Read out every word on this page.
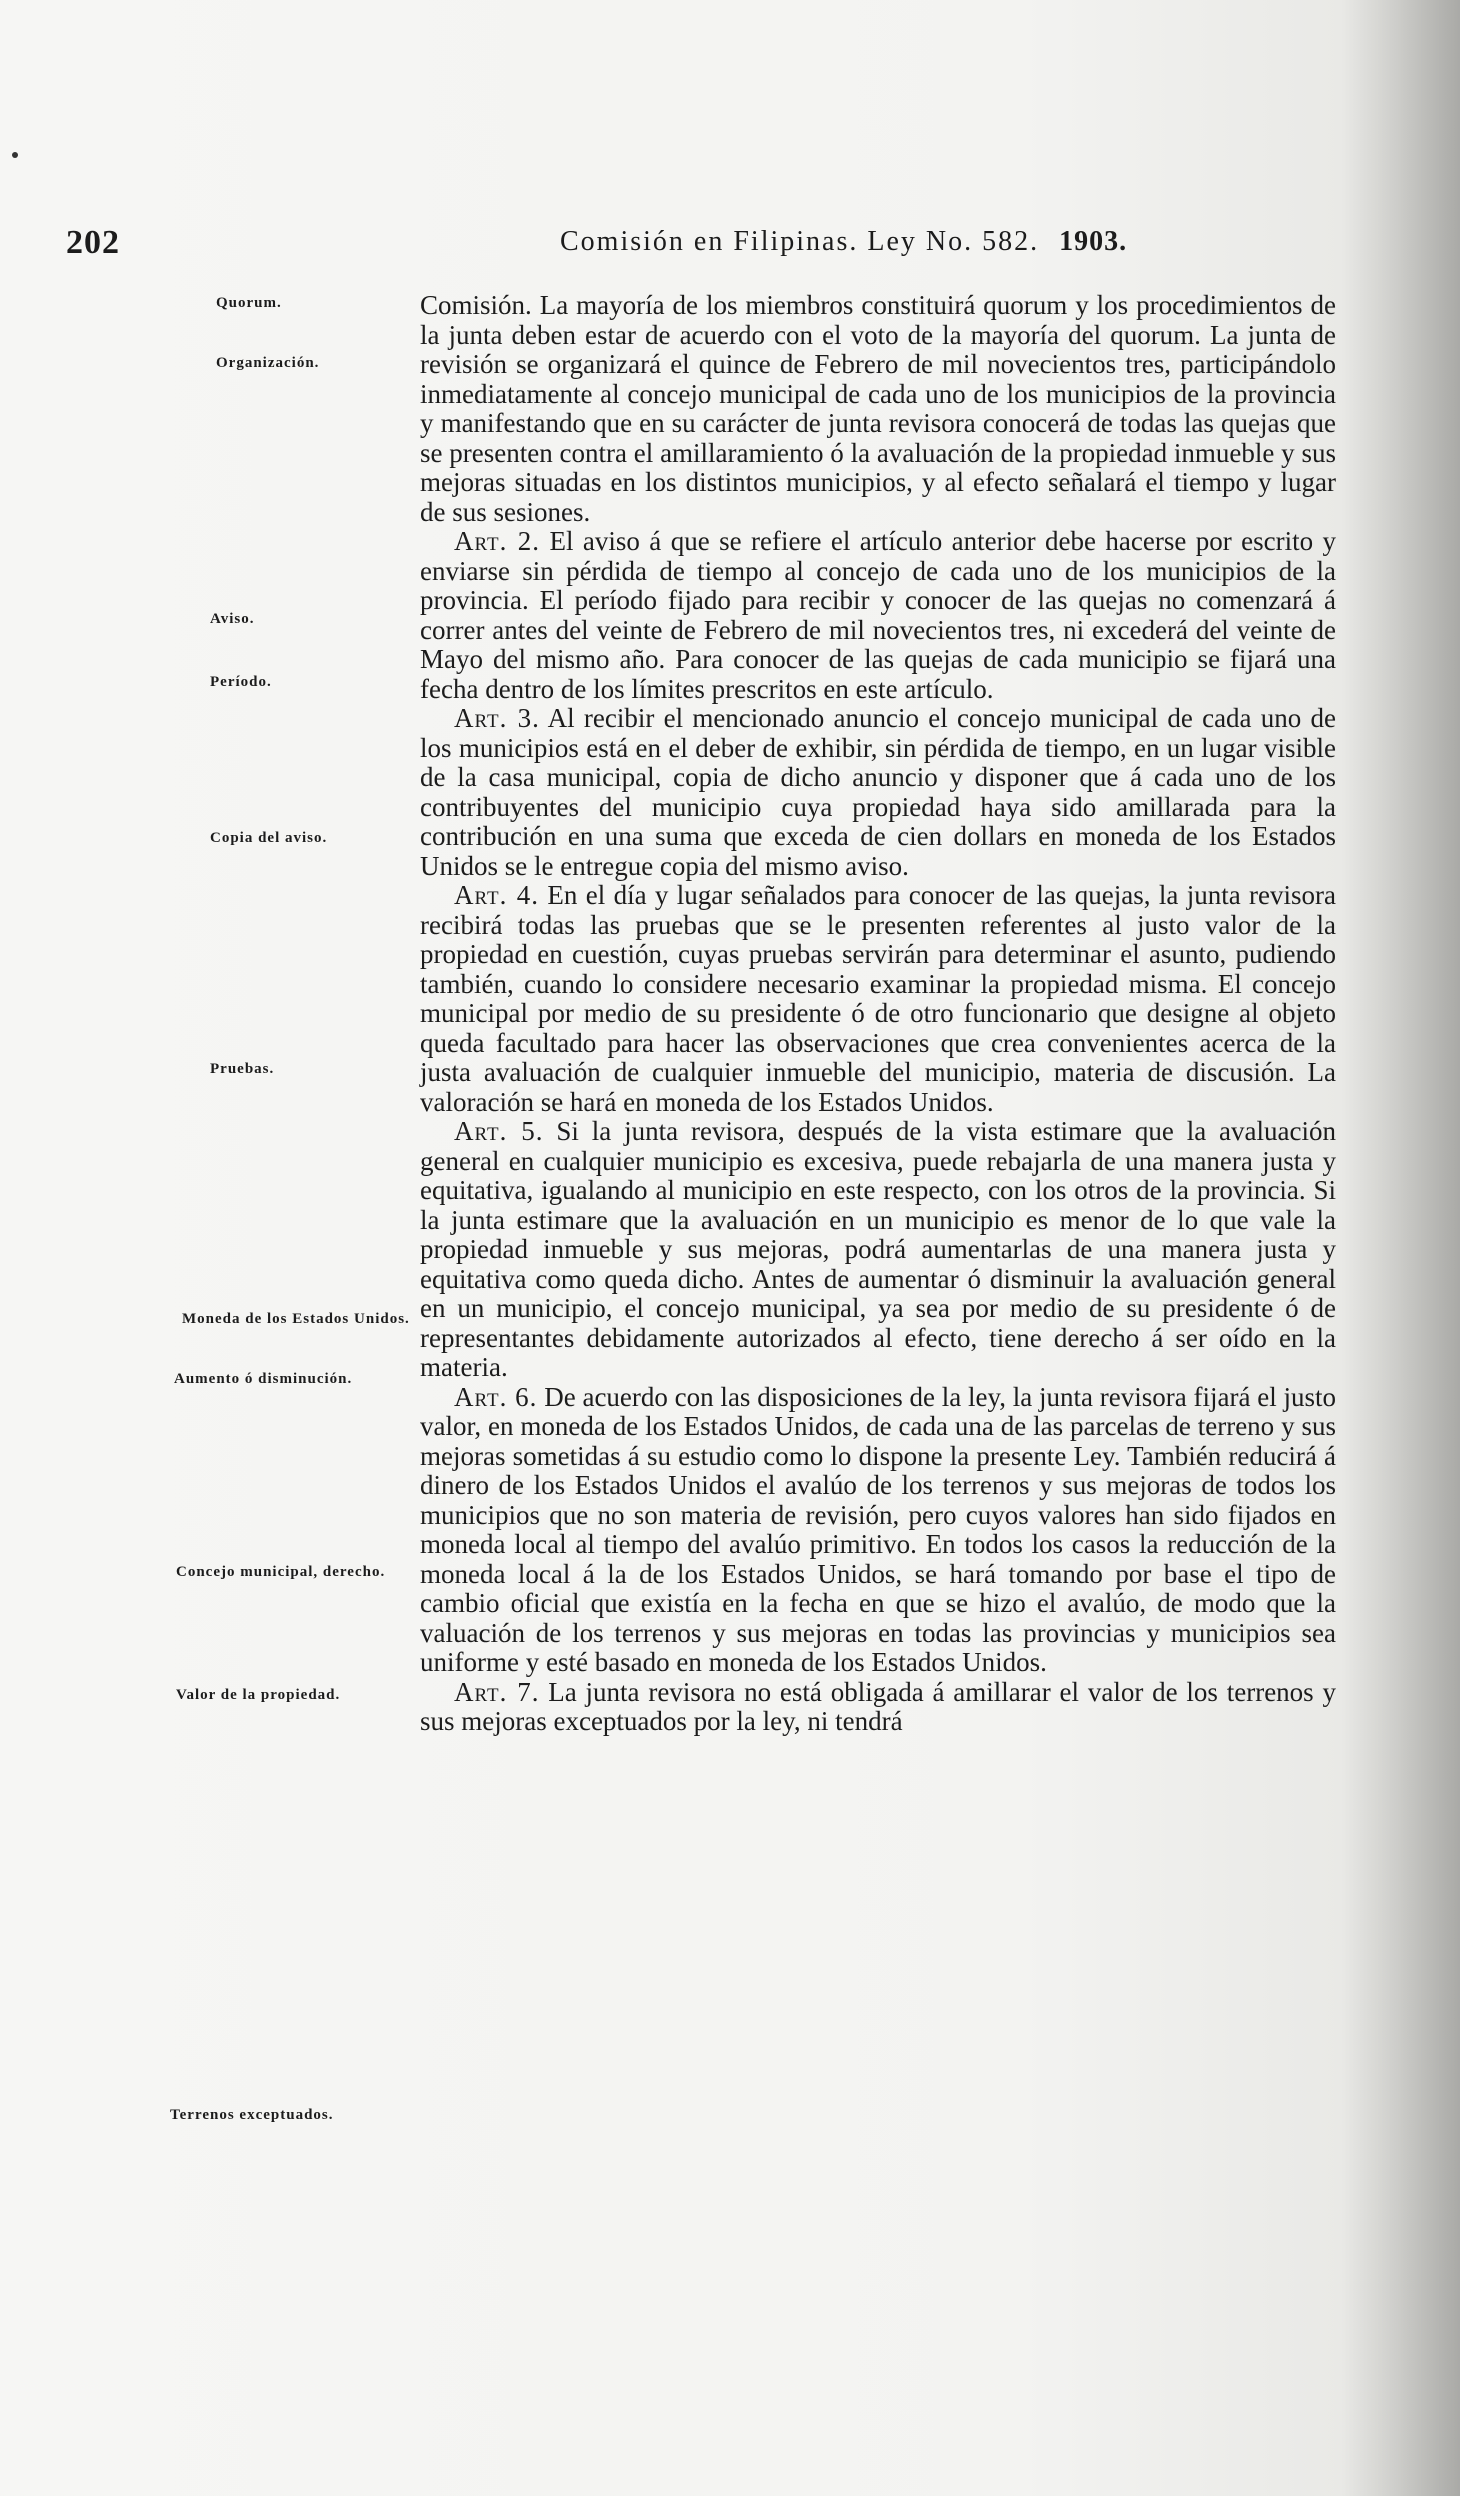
202	Comisión en Filipinas. Ley No. 582. 1903.
Quorum.
Organización.
Aviso.
Período.
Copia del aviso.
Pruebas.
Moneda de los Estados Unidos.
Aumento ó disminución.
Concejo municipal, derecho.
Valor de la propiedad.
Terrenos exceptuados.

Comisión. La mayoría de los miembros constituirá quorum y los procedimientos de la junta deben estar de acuerdo con el voto de la mayoría del quorum. La junta de revisión se organizará el quince de Febrero de mil novecientos tres, participándolo inmediatamente al concejo municipal de cada uno de los municipios de la provincia y manifestando que en su carácter de junta revisora conocerá de todas las quejas que se presenten contra el amillaramiento ó la avaluación de la propiedad inmueble y sus mejoras situadas en los distintos municipios, y al efecto señalará el tiempo y lugar de sus sesiones.

Art. 2. El aviso á que se refiere el artículo anterior debe hacerse por escrito y enviarse sin pérdida de tiempo al concejo de cada uno de los municipios de la provincia. El período fijado para recibir y conocer de las quejas no comenzará á correr antes del veinte de Febrero de mil novecientos tres, ni excederá del veinte de Mayo del mismo año. Para conocer de las quejas de cada municipio se fijará una fecha dentro de los límites prescritos en este artículo.

Art. 3. Al recibir el mencionado anuncio el concejo municipal de cada uno de los municipios está en el deber de exhibir, sin pérdida de tiempo, en un lugar visible de la casa municipal, copia de dicho anuncio y disponer que á cada uno de los contribuyentes del municipio cuya propiedad haya sido amillarada para la contribución en una suma que exceda de cien dollars en moneda de los Estados Unidos se le entregue copia del mismo aviso.

Art. 4. En el día y lugar señalados para conocer de las quejas, la junta revisora recibirá todas las pruebas que se le presenten referentes al justo valor de la propiedad en cuestión, cuyas pruebas servirán para determinar el asunto, pudiendo también, cuando lo considere necesario examinar la propiedad misma. El concejo municipal por medio de su presidente ó de otro funcionario que designe al objeto queda facultado para hacer las observaciones que crea convenientes acerca de la justa avaluación de cualquier inmueble del municipio, materia de discusión. La valoración se hará en moneda de los Estados Unidos.

Art. 5. Si la junta revisora, después de la vista estimare que la avaluación general en cualquier municipio es excesiva, puede rebajarla de una manera justa y equitativa, igualando al municipio en este respecto, con los otros de la provincia. Si la junta estimare que la avaluación en un municipio es menor de lo que vale la propiedad inmueble y sus mejoras, podrá aumentarlas de una manera justa y equitativa como queda dicho. Antes de aumentar ó disminuir la avaluación general en un municipio, el concejo municipal, ya sea por medio de su presidente ó de representantes debidamente autorizados al efecto, tiene derecho á ser oído en la materia.

Art. 6. De acuerdo con las disposiciones de la ley, la junta revisora fijará el justo valor, en moneda de los Estados Unidos, de cada una de las parcelas de terreno y sus mejoras sometidas á su estudio como lo dispone la presente Ley. También reducirá á dinero de los Estados Unidos el avalúo de los terrenos y sus mejoras de todos los municipios que no son materia de revisión, pero cuyos valores han sido fijados en moneda local al tiempo del avalúo primitivo. En todos los casos la reducción de la moneda local á la de los Estados Unidos, se hará tomando por base el tipo de cambio oficial que existía en la fecha en que se hizo el avalúo, de modo que la valuación de los terrenos y sus mejoras en todas las provincias y municipios sea uniforme y esté basado en moneda de los Estados Unidos.

Art. 7. La junta revisora no está obligada á amillarar el valor de los terrenos y sus mejoras exceptuados por la ley, ni tendrá
